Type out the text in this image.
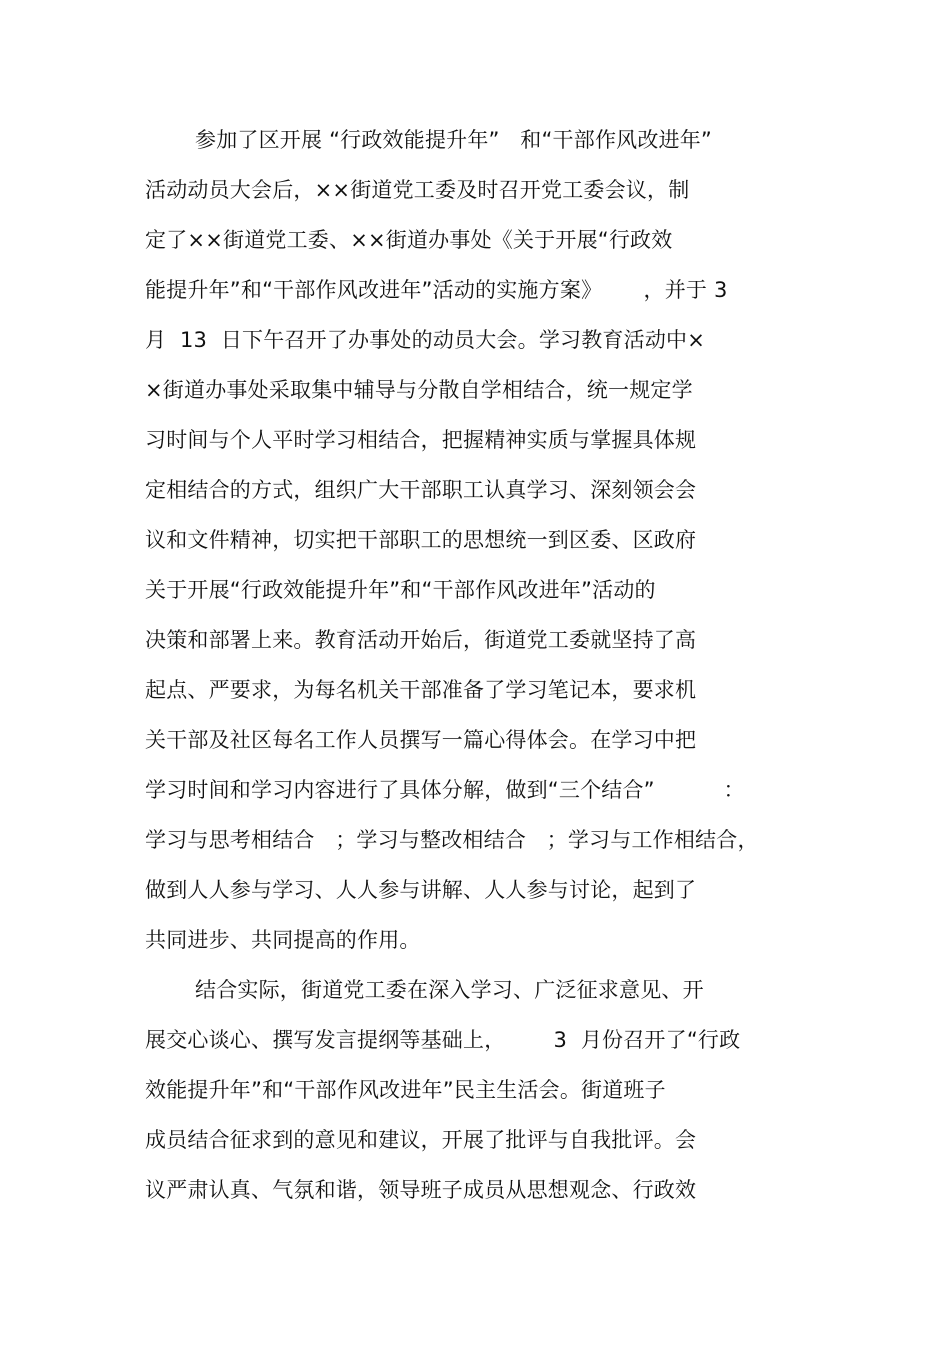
参加了区开展 “行政效能提升年”   和“干部作风改进年”
活动动员大会后，××街道党工委及时召开党工委会议，制
定了××街道党工委、××街道办事处《关于开展“行政效
能提升年”和“干部作风改进年”活动的实施方案》      ，并于 3
月  13  日下午召开了办事处的动员大会。学习教育活动中×
×街道办事处采取集中辅导与分散自学相结合，统一规定学
习时间与个人平时学习相结合，把握精神实质与掌握具体规
定相结合的方式，组织广大干部职工认真学习、深刻领会会
议和文件精神，切实把干部职工的思想统一到区委、区政府
关于开展“行政效能提升年”和“干部作风改进年”活动的
决策和部署上来。教育活动开始后，街道党工委就坚持了高
起点、严要求，为每名机关干部准备了学习笔记本，要求机
关干部及社区每名工作人员撰写一篇心得体会。在学习中把
学习时间和学习内容进行了具体分解，做到“三个结合”          ：
学习与思考相结合   ；学习与整改相结合   ；学习与工作相结合，
做到人人参与学习、人人参与讲解、人人参与讨论，起到了
共同进步、共同提高的作用。
结合实际，街道党工委在深入学习、广泛征求意见、开
展交心谈心、撰写发言提纲等基础上，       3  月份召开了“行政
效能提升年”和“干部作风改进年”民主生活会。街道班子
成员结合征求到的意见和建议，开展了批评与自我批评。会
议严肃认真、气氛和谐，领导班子成员从思想观念、行政效
